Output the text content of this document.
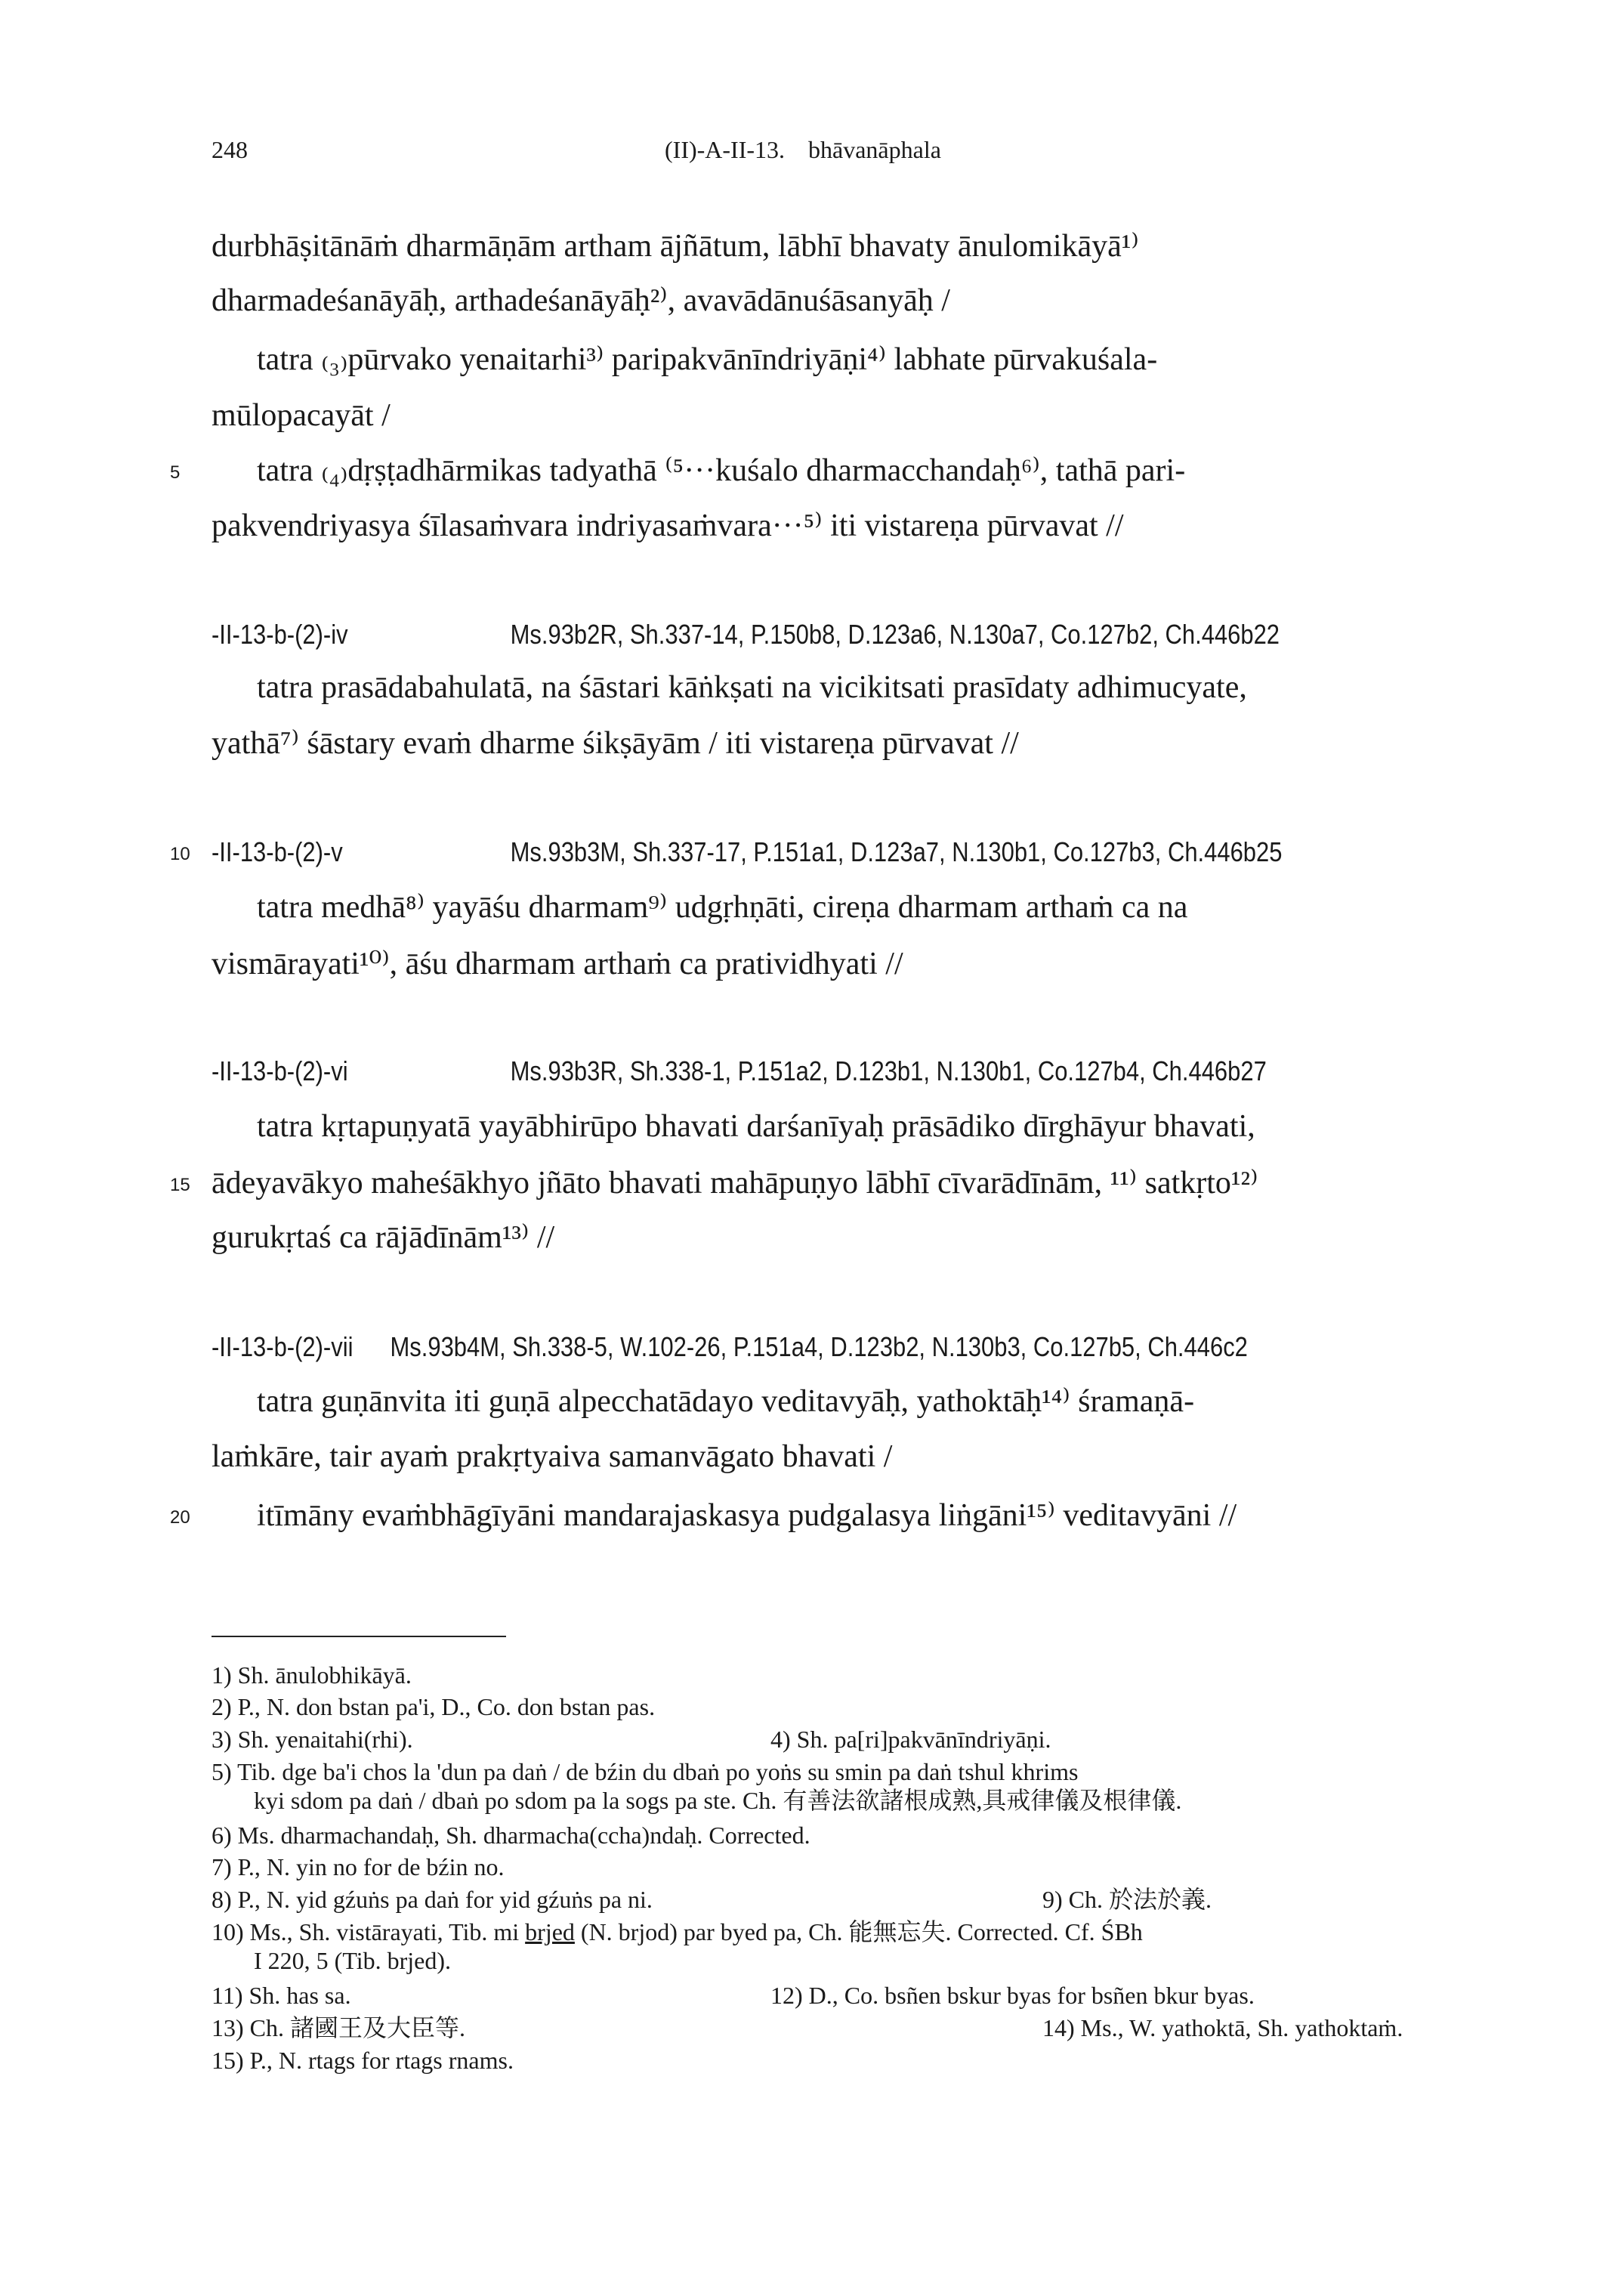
248	(II)-A-II-13. bhāvanāphala
durbhāṣitānāṁ dharmāṇām artham ājñātum, lābhī bhavaty ānulomikāyā¹⁾
dharmadeśanāyāḥ, arthadeśanāyāḥ²⁾, avavādānuśāsanyāḥ /
tatra ₍₃₎pūrvako yenaitarhi³⁾ paripakvānīndriyāṇi⁴⁾ labhate pūrvakuśala-
mūlopacayāt /
5 tatra ₍₄₎dṛṣṭadhārmikas tadyathā ⁽⁵···kuśalo dharmacchandaḥ⁶⁾, tathā pari-
pakvendriyasya śīlasaṁvara indriyasaṁvara···⁵⁾ iti vistareṇa pūrvavat //
-II-13-b-(2)-iv	Ms.93b2R, Sh.337-14, P.150b8, D.123a6, N.130a7, Co.127b2, Ch.446b22
tatra prasādabahulatā, na śāstari kāṅkṣati na vicikitsati prasīdaty adhimucyate,
yathā⁷⁾ śāstary evaṁ dharme śikṣāyām / iti vistareṇa pūrvavat //
10 -II-13-b-(2)-v	Ms.93b3M, Sh.337-17, P.151a1, D.123a7, N.130b1, Co.127b3, Ch.446b25
tatra medhā⁸⁾ yayāśu dharmam⁹⁾ udgṛhṇāti, cireṇa dharmam arthaṁ ca na
vismārayati¹⁰⁾, āśu dharmam arthaṁ ca pratividhyati //
-II-13-b-(2)-vi	Ms.93b3R, Sh.338-1, P.151a2, D.123b1, N.130b1, Co.127b4, Ch.446b27
tatra kṛtapuṇyatā yayābhirūpo bhavati darśanīyaḥ prāsādiko dīrghāyur bhavati,
15 ādeyavākyo maheśākhyo jñāto bhavati mahāpuṇyo lābhī cīvarādīnām, ¹¹⁾ satkṛto¹²⁾
gurukṛtaś ca rājādīnām¹³⁾ //
-II-13-b-(2)-vii Ms.93b4M, Sh.338-5, W.102-26, P.151a4, D.123b2, N.130b3, Co.127b5, Ch.446c2
tatra guṇānvita iti guṇā alpecchatādayo veditavyāḥ, yathoktāḥ¹⁴⁾ śramaṇā-
laṁkāre, tair ayaṁ prakṛtyaiva samanvāgato bhavati /
20 itīmāny evaṁbhāgīyāni mandarajaskasya pudgalasya liṅgāni¹⁵⁾ veditavyāni //
1) Sh. ānulobhikāyā.
2) P., N. don bstan pa'i, D., Co. don bstan pas.
3) Sh. yenaitahi(rhi).	4) Sh. pa[ri]pakvānīndriyāṇi.
5) Tib. dge ba'i chos la 'dun pa daṅ / de bźin du dbaṅ po yoṅs su smin pa daṅ tshul khrims
kyi sdom pa daṅ / dbaṅ po sdom pa la sogs pa ste. Ch. 有善法欲諸根成熟,具戒律儀及根律儀.
6) Ms. dharmachandaḥ, Sh. dharmacha(ccha)ndaḥ. Corrected.
7) P., N. yin no for de bźin no.
8) P., N. yid gźuṅs pa daṅ for yid gźuṅs pa ni.	9) Ch. 於法於義.
10) Ms., Sh. vistārayati, Tib. mi brjed (N. brjod) par byed pa, Ch. 能無忘失. Corrected. Cf. ŚBh
I 220, 5 (Tib. brjed).
11) Sh. has sa.	12) D., Co. bsñen bskur byas for bsñen bkur byas.
13) Ch. 諸國王及大臣等.	14) Ms., W. yathoktā, Sh. yathoktaṁ.
15) P., N. rtags for rtags rnams.
